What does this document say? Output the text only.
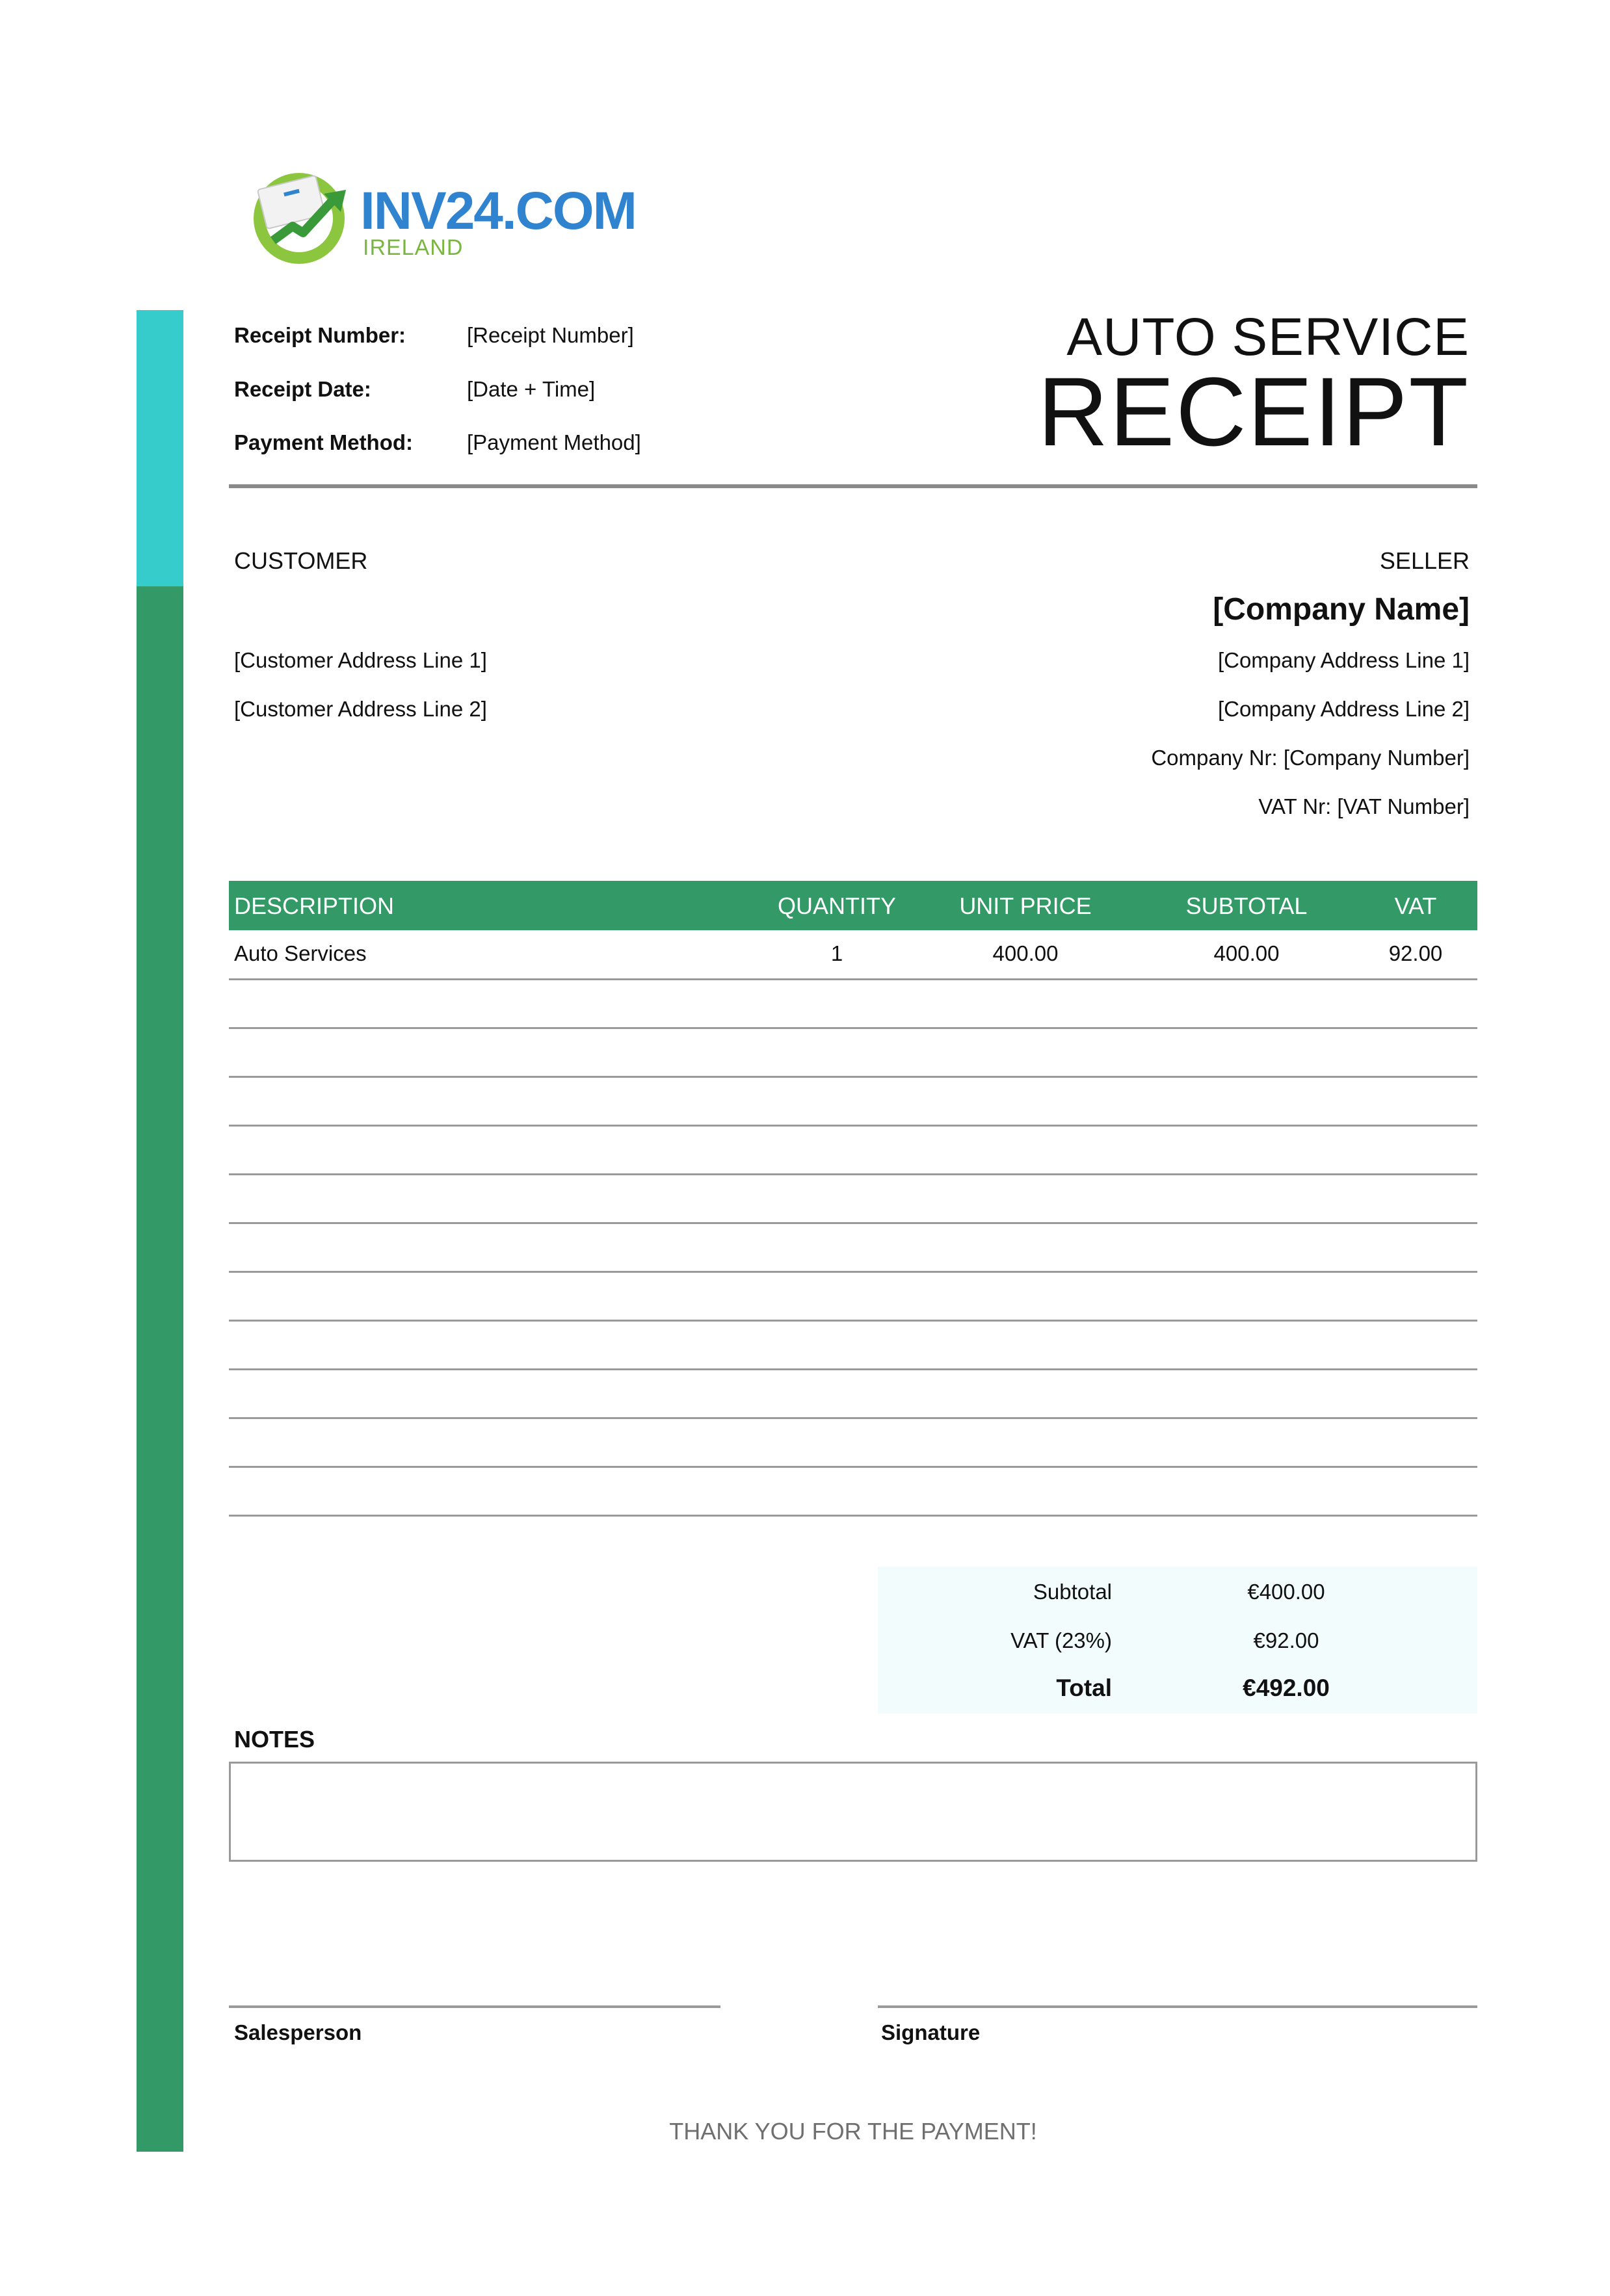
INV24.COM
IRELAND
Receipt Number:	[Receipt Number]
Receipt Date:	[Date + Time]
Payment Method:	[Payment Method]
AUTO SERVICE
RECEIPT
CUSTOMER
[Customer Address Line 1]
[Customer Address Line 2]
SELLER
[Company Name]
[Company Address Line 1]
[Company Address Line 2]
Company Nr: [Company Number]
VAT Nr: [VAT Number]
DESCRIPTION	QUANTITY	UNIT PRICE	SUBTOTAL	VAT
Auto Services	1	400.00	400.00	92.00
Subtotal	€400.00
VAT (23%)	€92.00
Total	€492.00
NOTES
Salesperson	Signature
THANK YOU FOR THE PAYMENT!
